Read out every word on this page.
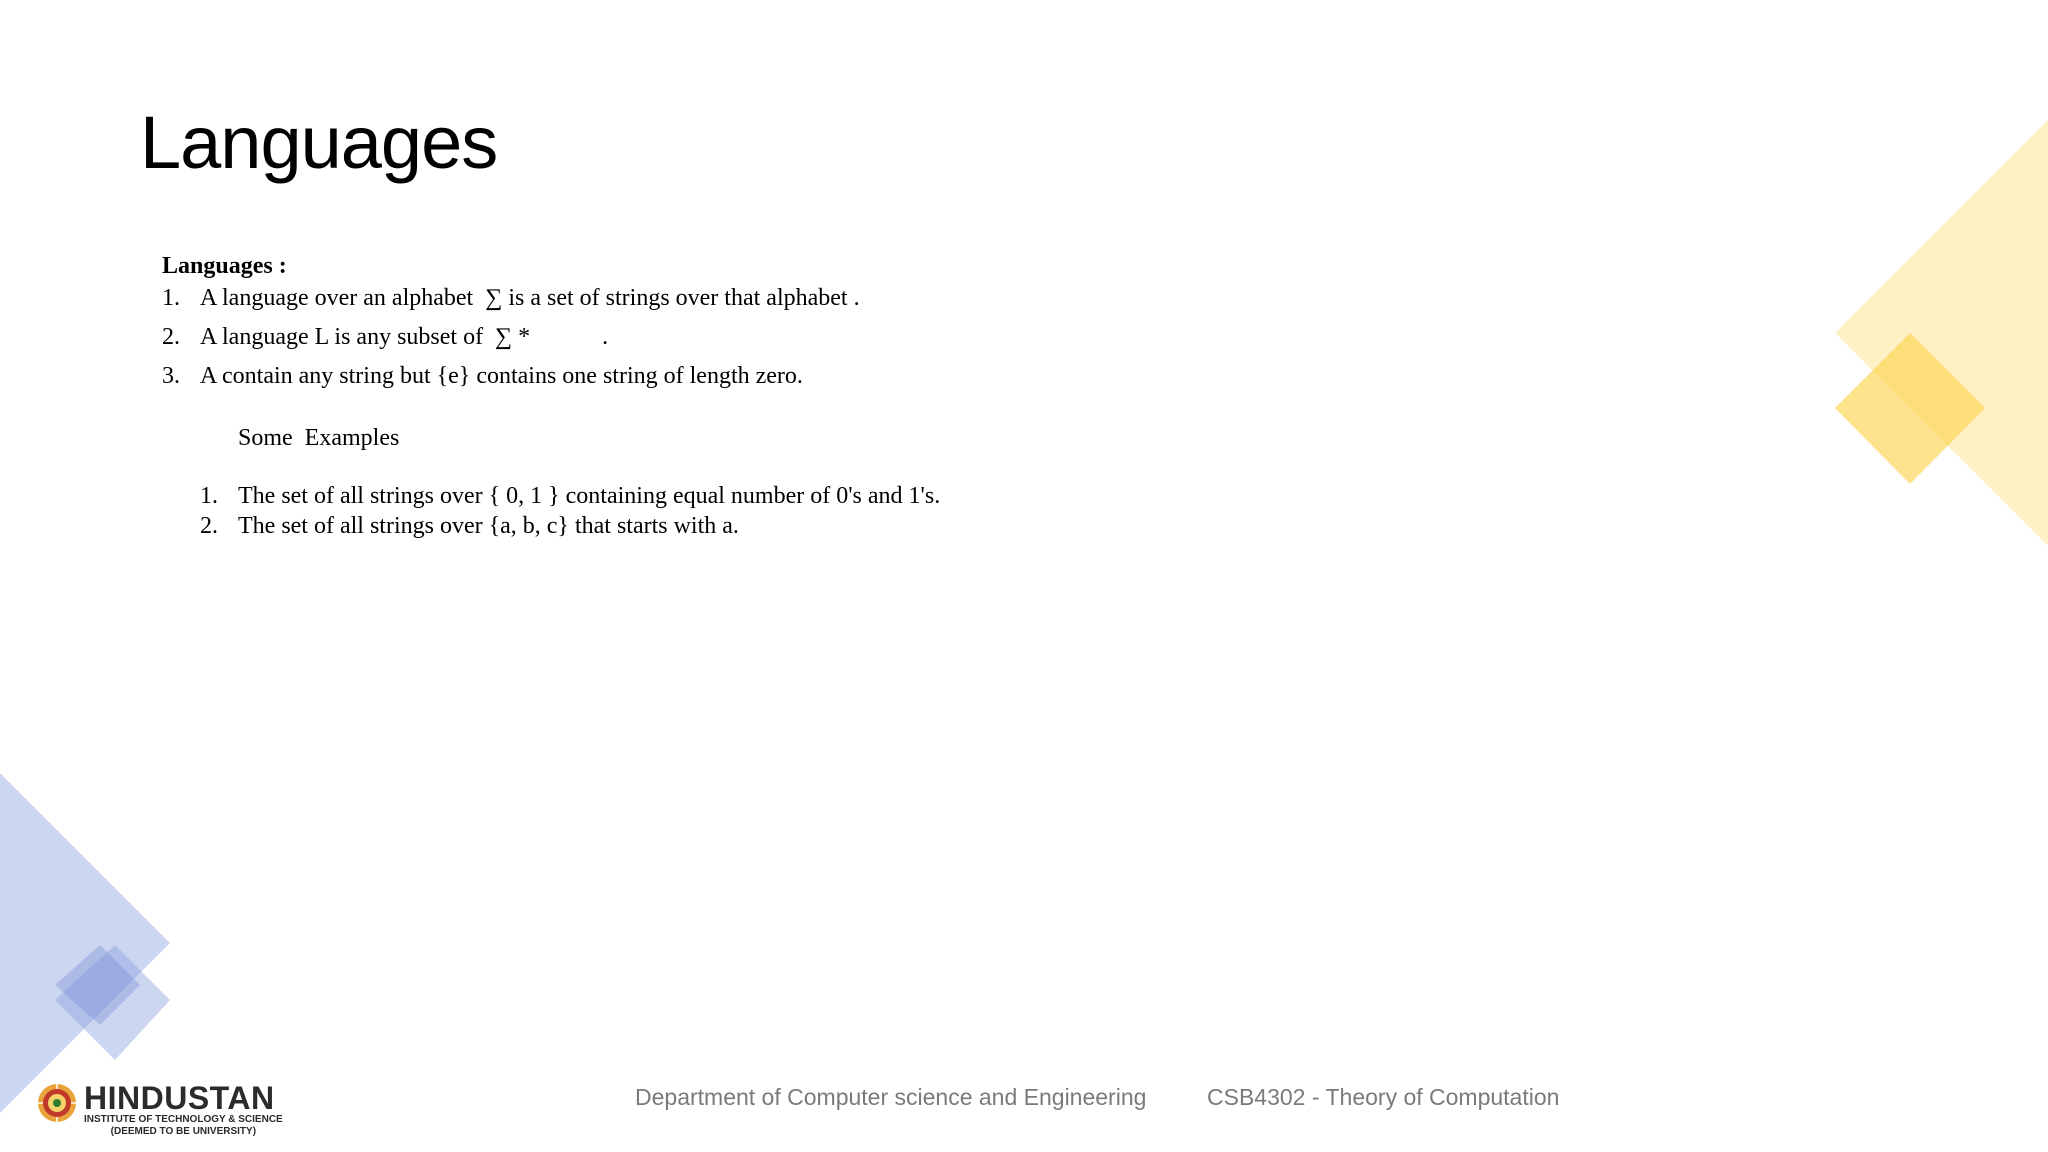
Languages
Languages :
1. A language over an alphabet  ∑ is a set of strings over that alphabet .
2. A language L is any subset of  ∑ *            .
3. A contain any string but {e} contains one string of length zero.
Some  Examples
1. The set of all strings over { 0, 1 } containing equal number of 0's and 1's.
2. The set of all strings over {a, b, c} that starts with a.
HINDUSTAN
INSTITUTE OF TECHNOLOGY & SCIENCE
(DEEMED TO BE UNIVERSITY)
Department of Computer science and Engineering	CSB4302 - Theory of Computation
